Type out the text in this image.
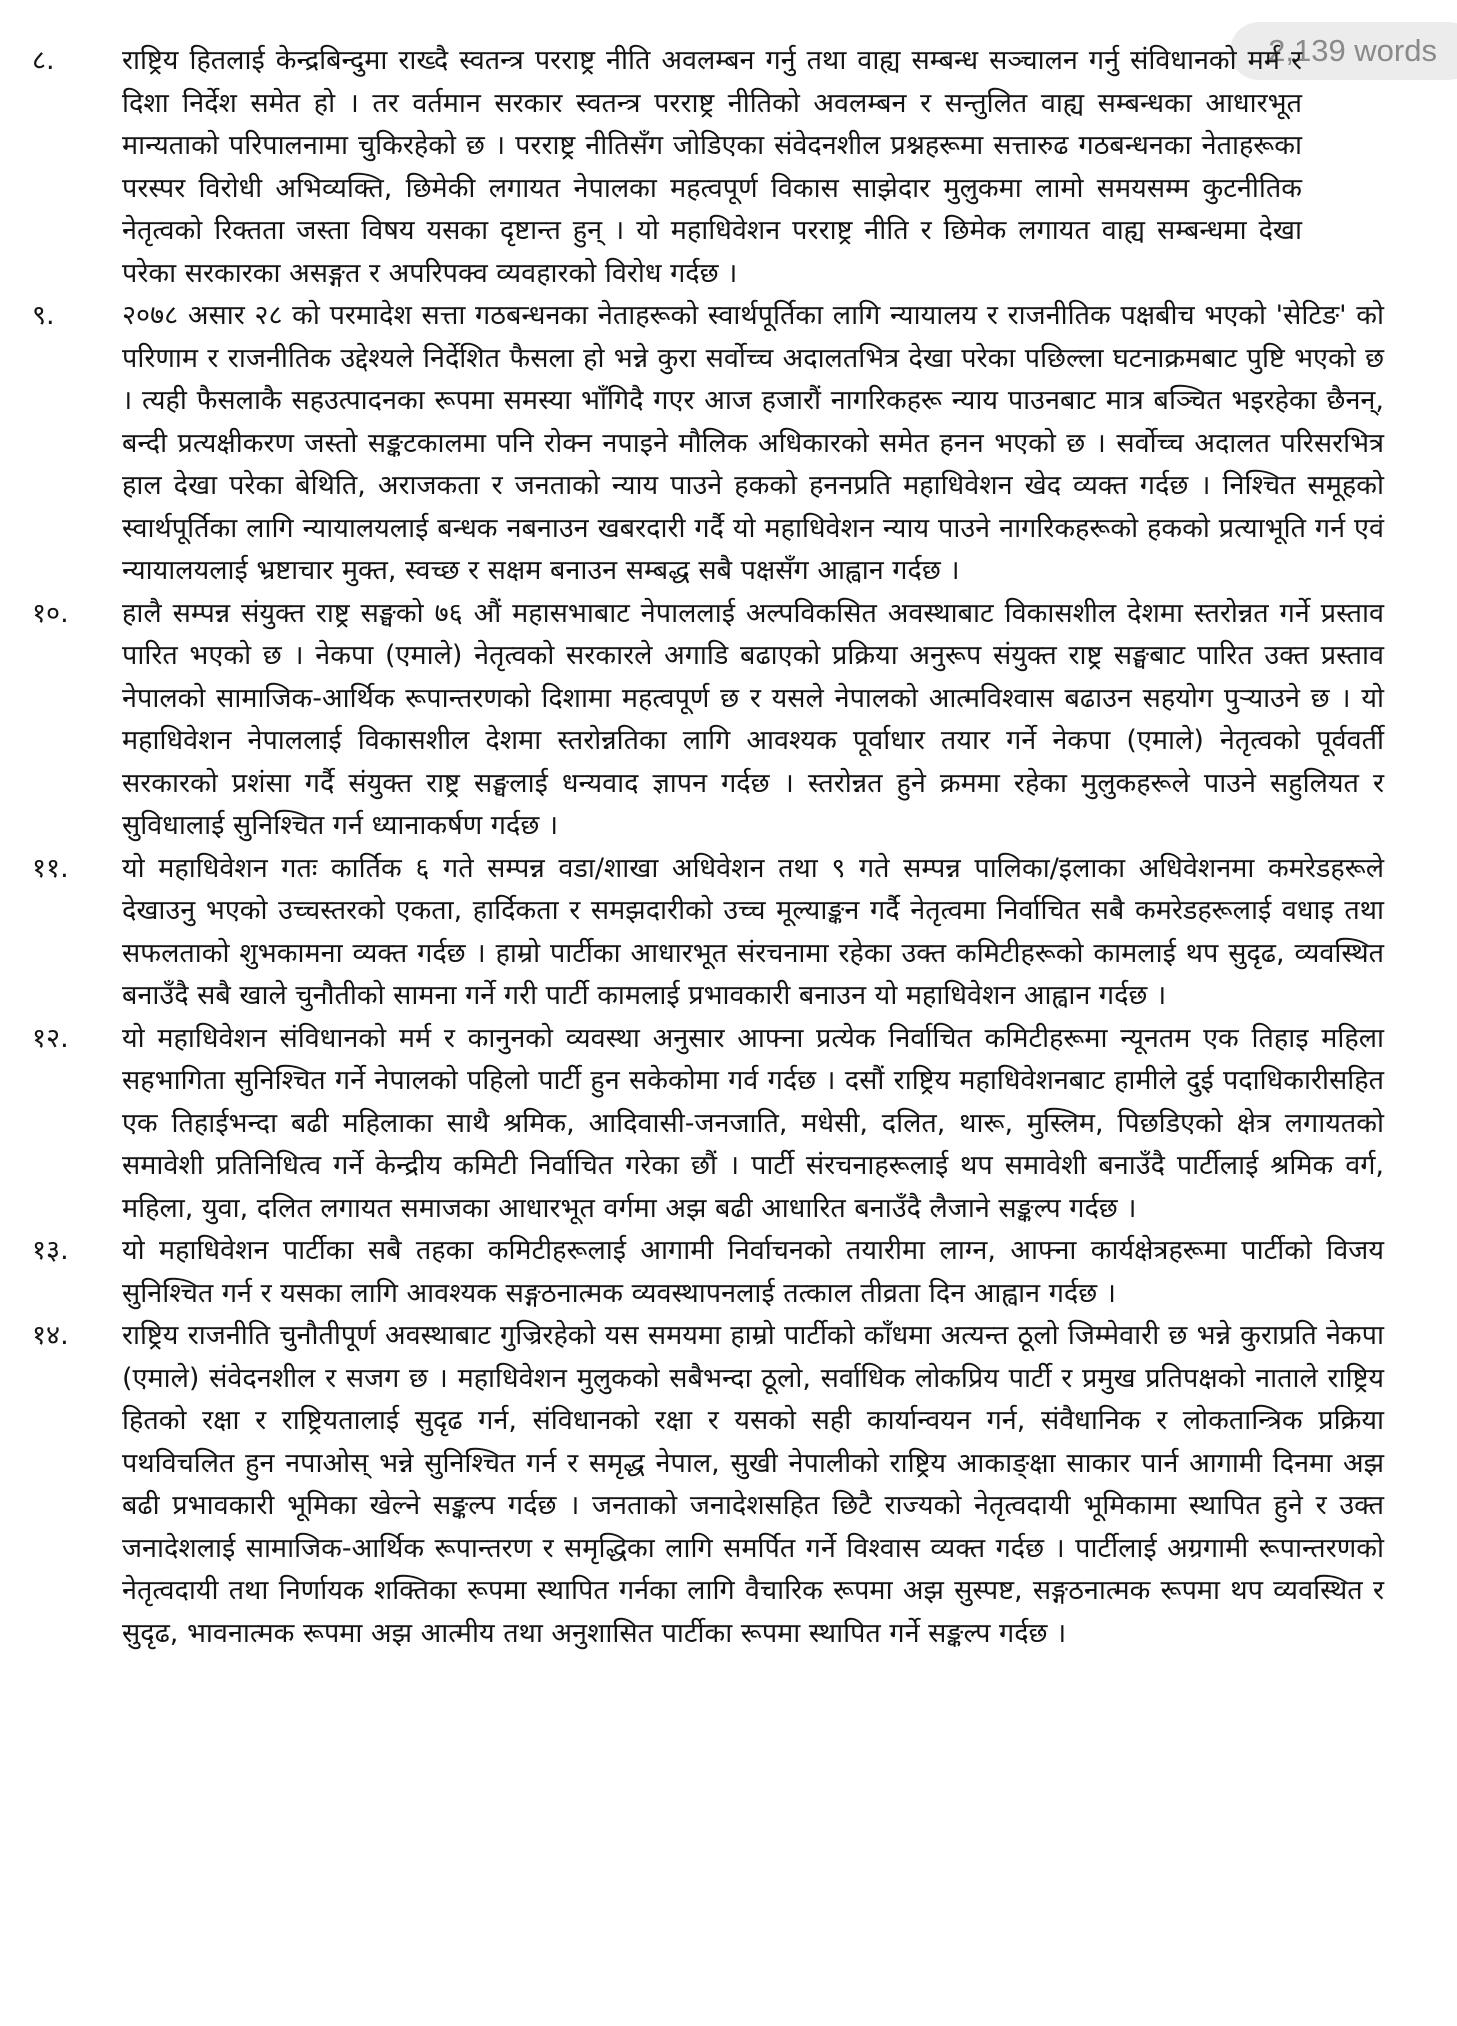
2,139 words
८.	राष्ट्रिय हितलाई केन्द्रबिन्दुमा राख्दै स्वतन्त्र परराष्ट्र नीति अवलम्बन गर्नु तथा वाह्य सम्बन्ध सञ्चालन गर्नु संविधानको मर्म र दिशा निर्देश समेत हो । तर वर्तमान सरकार स्वतन्त्र परराष्ट्र नीतिको अवलम्बन र सन्तुलित वाह्य सम्बन्धका आधारभूत मान्यताको परिपालनामा चुकिरहेको छ । परराष्ट्र नीतिसँग जोडिएका संवेदनशील प्रश्नहरूमा सत्तारुढ गठबन्धनका नेताहरूका परस्पर विरोधी अभिव्यक्ति, छिमेकी लगायत नेपालका महत्वपूर्ण विकास साझेदार मुलुकमा लामो समयसम्म कुटनीतिक नेतृत्वको रिक्तता जस्ता विषय यसका दृष्टान्त हुन् । यो महाधिवेशन परराष्ट्र नीति र छिमेक लगायत वाह्य सम्बन्धमा देखा परेका सरकारका असङ्गत र अपरिपक्व व्यवहारको विरोध गर्दछ ।
९.	२०७८ असार २८ को परमादेश सत्ता गठबन्धनका नेताहरूको स्वार्थपूर्तिका लागि न्यायालय र राजनीतिक पक्षबीच भएको 'सेटिङ' को परिणाम र राजनीतिक उद्देश्यले निर्देशित फैसला हो भन्ने कुरा सर्वोच्च अदालतभित्र देखा परेका पछिल्ला घटनाक्रमबाट पुष्टि भएको छ । त्यही फैसलाकै सहउत्पादनका रूपमा समस्या भाँगिदै गएर आज हजारौं नागरिकहरू न्याय पाउनबाट मात्र बञ्चित भइरहेका छैनन्, बन्दी प्रत्यक्षीकरण जस्तो सङ्कटकालमा पनि रोक्न नपाइने मौलिक अधिकारको समेत हनन भएको छ । सर्वोच्च अदालत परिसरभित्र हाल देखा परेका बेथिति, अराजकता र जनताको न्याय पाउने हकको हननप्रति महाधिवेशन खेद व्यक्त गर्दछ । निश्चित समूहको स्वार्थपूर्तिका लागि न्यायालयलाई बन्धक नबनाउन खबरदारी गर्दै यो महाधिवेशन न्याय पाउने नागरिकहरूको हकको प्रत्याभूति गर्न एवं न्यायालयलाई भ्रष्टाचार मुक्त, स्वच्छ र सक्षम बनाउन सम्बद्ध सबै पक्षसँग आह्वान गर्दछ ।
१०.	हालै सम्पन्न संयुक्त राष्ट्र सङ्घको ७६ औं महासभाबाट नेपाललाई अल्पविकसित अवस्थाबाट विकासशील देशमा स्तरोन्नत गर्ने प्रस्ताव पारित भएको छ । नेकपा (एमाले) नेतृत्वको सरकारले अगाडि बढाएको प्रक्रिया अनुरूप संयुक्त राष्ट्र सङ्घबाट पारित उक्त प्रस्ताव नेपालको सामाजिक-आर्थिक रूपान्तरणको दिशामा महत्वपूर्ण छ र यसले नेपालको आत्मविश्वास बढाउन सहयोग पुर्‍याउने छ । यो महाधिवेशन नेपाललाई विकासशील देशमा स्तरोन्नतिका लागि आवश्यक पूर्वाधार तयार गर्ने नेकपा (एमाले) नेतृत्वको पूर्ववर्ती सरकारको प्रशंसा गर्दै संयुक्त राष्ट्र सङ्घलाई धन्यवाद ज्ञापन गर्दछ । स्तरोन्नत हुने क्रममा रहेका मुलुकहरूले पाउने सहुलियत र सुविधालाई सुनिश्चित गर्न ध्यानाकर्षण गर्दछ ।
११.	यो महाधिवेशन गतः कार्तिक ६ गते सम्पन्न वडा/शाखा अधिवेशन तथा ९ गते सम्पन्न पालिका/इलाका अधिवेशनमा कमरेडहरूले देखाउनु भएको उच्चस्तरको एकता, हार्दिकता र समझदारीको उच्च मूल्याङ्कन गर्दै नेतृत्वमा निर्वाचित सबै कमरेडहरूलाई वधाइ तथा सफलताको शुभकामना व्यक्त गर्दछ । हाम्रो पार्टीका आधारभूत संरचनामा रहेका उक्त कमिटीहरूको कामलाई थप सुदृढ, व्यवस्थित बनाउँदै सबै खाले चुनौतीको सामना गर्ने गरी पार्टी कामलाई प्रभावकारी बनाउन यो महाधिवेशन आह्वान गर्दछ ।
१२.	यो महाधिवेशन संविधानको मर्म र कानुनको व्यवस्था अनुसार आफ्ना प्रत्येक निर्वाचित कमिटीहरूमा न्यूनतम एक तिहाइ महिला सहभागिता सुनिश्चित गर्ने नेपालको पहिलो पार्टी हुन सकेकोमा गर्व गर्दछ । दसौं राष्ट्रिय महाधिवेशनबाट हामीले दुई पदाधिकारीसहित एक तिहाईभन्दा बढी महिलाका साथै श्रमिक, आदिवासी-जनजाति, मधेसी, दलित, थारू, मुस्लिम, पिछडिएको क्षेत्र लगायतको समावेशी प्रतिनिधित्व गर्ने केन्द्रीय कमिटी निर्वाचित गरेका छौं । पार्टी संरचनाहरूलाई थप समावेशी बनाउँदै पार्टीलाई श्रमिक वर्ग, महिला, युवा, दलित लगायत समाजका आधारभूत वर्गमा अझ बढी आधारित बनाउँदै लैजाने सङ्कल्प गर्दछ ।
१३.	यो महाधिवेशन पार्टीका सबै तहका कमिटीहरूलाई आगामी निर्वाचनको तयारीमा लाग्न, आफ्ना कार्यक्षेत्रहरूमा पार्टीको विजय सुनिश्चित गर्न र यसका लागि आवश्यक सङ्गठनात्मक व्यवस्थापनलाई तत्काल तीव्रता दिन आह्वान गर्दछ ।
१४.	राष्ट्रिय राजनीति चुनौतीपूर्ण अवस्थाबाट गुज्रिरहेको यस समयमा हाम्रो पार्टीको काँधमा अत्यन्त ठूलो जिम्मेवारी छ भन्ने कुराप्रति नेकपा (एमाले) संवेदनशील र सजग छ । महाधिवेशन मुलुकको सबैभन्दा ठूलो, सर्वाधिक लोकप्रिय पार्टी र प्रमुख प्रतिपक्षको नाताले राष्ट्रिय हितको रक्षा र राष्ट्रियतालाई सुदृढ गर्न, संविधानको रक्षा र यसको सही कार्यान्वयन गर्न, संवैधानिक र लोकतान्त्रिक प्रक्रिया पथविचलित हुन नपाओस् भन्ने सुनिश्चित गर्न र समृद्ध नेपाल, सुखी नेपालीको राष्ट्रिय आकाङ्क्षा साकार पार्न आगामी दिनमा अझ बढी प्रभावकारी भूमिका खेल्ने सङ्कल्प गर्दछ । जनताको जनादेशसहित छिटै राज्यको नेतृत्वदायी भूमिकामा स्थापित हुने र उक्त जनादेशलाई सामाजिक-आर्थिक रूपान्तरण र समृद्धिका लागि समर्पित गर्ने विश्वास व्यक्त गर्दछ । पार्टीलाई अग्रगामी रूपान्तरणको नेतृत्वदायी तथा निर्णायक शक्तिका रूपमा स्थापित गर्नका लागि वैचारिक रूपमा अझ सुस्पष्ट, सङ्गठनात्मक रूपमा थप व्यवस्थित र सुदृढ, भावनात्मक रूपमा अझ आत्मीय तथा अनुशासित पार्टीका रूपमा स्थापित गर्ने सङ्कल्प गर्दछ ।
